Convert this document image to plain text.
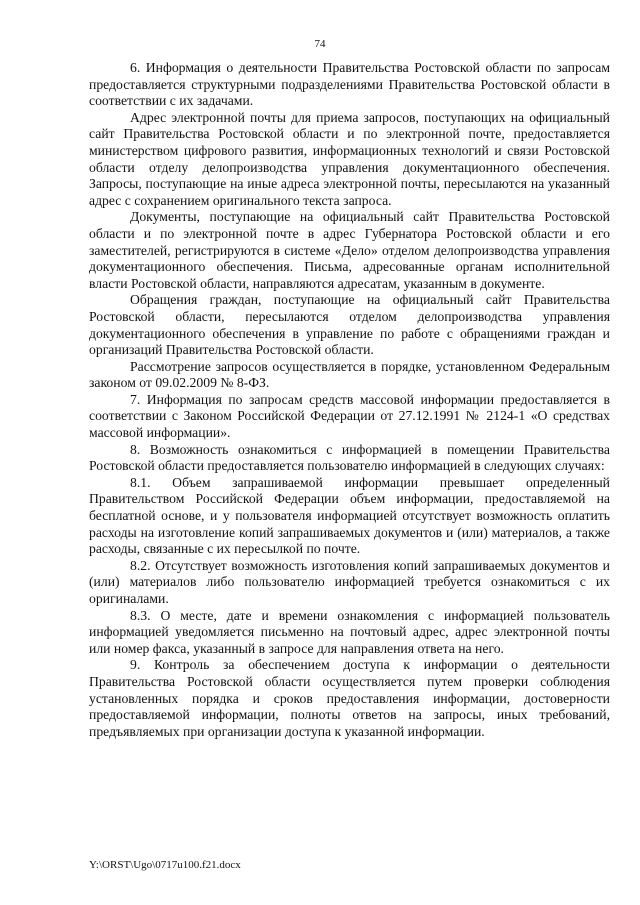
74

6. Информация о деятельности Правительства Ростовской области по запросам предоставляется структурными подразделениями Правительства Ростовской области в соответствии с их задачами.

Адрес электронной почты для приема запросов, поступающих на официальный сайт Правительства Ростовской области и по электронной почте, предоставляется министерством цифрового развития, информационных технологий и связи Ростовской области отделу делопроизводства управления документационного обеспечения. Запросы, поступающие на иные адреса электронной почты, пересылаются на указанный адрес с сохранением оригинального текста запроса.

Документы, поступающие на официальный сайт Правительства Ростовской области и по электронной почте в адрес Губернатора Ростовской области и его заместителей, регистрируются в системе «Дело» отделом делопроизводства управления документационного обеспечения. Письма, адресованные органам исполнительной власти Ростовской области, направляются адресатам, указанным в документе.

Обращения граждан, поступающие на официальный сайт Правительства Ростовской области, пересылаются отделом делопроизводства управления документационного обеспечения в управление по работе с обращениями граждан и организаций Правительства Ростовской области.

Рассмотрение запросов осуществляется в порядке, установленном Федеральным законом от 09.02.2009 № 8-ФЗ.

7. Информация по запросам средств массовой информации предоставляется в соответствии с Законом Российской Федерации от 27.12.1991 № 2124-1 «О средствах массовой информации».

8. Возможность ознакомиться с информацией в помещении Правительства Ростовской области предоставляется пользователю информацией в следующих случаях:

8.1. Объем запрашиваемой информации превышает определенный Правительством Российской Федерации объем информации, предоставляемой на бесплатной основе, и у пользователя информацией отсутствует возможность оплатить расходы на изготовление копий запрашиваемых документов и (или) материалов, а также расходы, связанные с их пересылкой по почте.

8.2. Отсутствует возможность изготовления копий запрашиваемых документов и (или) материалов либо пользователю информацией требуется ознакомиться с их оригиналами.

8.3. О месте, дате и времени ознакомления с информацией пользователь информацией уведомляется письменно на почтовый адрес, адрес электронной почты или номер факса, указанный в запросе для направления ответа на него.

9. Контроль за обеспечением доступа к информации о деятельности Правительства Ростовской области осуществляется путем проверки соблюдения установленных порядка и сроков предоставления информации, достоверности предоставляемой информации, полноты ответов на запросы, иных требований, предъявляемых при организации доступа к указанной информации.

Y:\ORST\Ugo\0717u100.f21.docx
